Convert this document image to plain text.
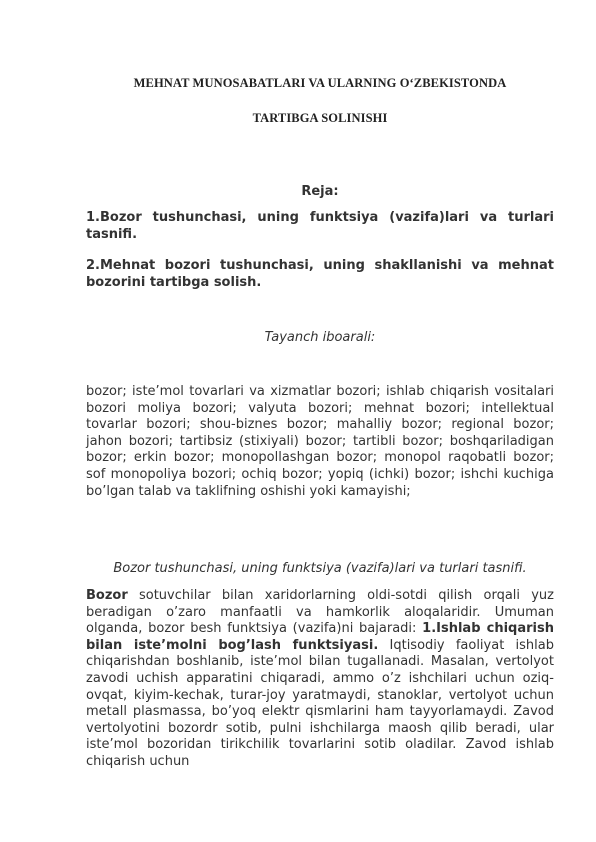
MEHNAT MUNOSABATLARI VA ULARNING O‘ZBEKISTONDA
TARTIBGA SOLINISHI
Reja:
1.Bozor tushunchasi, uning funktsiya (vazifa)lari va turlari tasnifi.
2.Mehnat bozori tushunchasi, uning shakllanishi va mehnat bozorini tartibga solish.
Tayanch iboarali:
bozor; iste’mol tovarlari va xizmatlar bozori; ishlab chiqarish vositalari bozori moliya bozori; valyuta bozori; mehnat bozori; intellektual tovarlar bozori; shou-biznes bozor; mahalliy bozor; regional bozor; jahon bozori; tartibsiz (stixiyali) bozor; tartibli bozor; boshqariladigan bozor; erkin bozor; monopollashgan bozor; monopol raqobatli bozor; sof monopoliya bozori; ochiq bozor; yopiq (ichki) bozor; ishchi kuchiga bo’lgan talab va taklifning oshishi yoki kamayishi;
Bozor tushunchasi, uning funktsiya (vazifa)lari va turlari tasnifi.
Bozor sotuvchilar bilan xaridorlarning oldi-sotdi qilish orqali yuz beradigan o’zaro manfaatli va hamkorlik aloqalaridir. Umuman olganda, bozor besh funktsiya (vazifa)ni bajaradi: 1.Ishlab chiqarish bilan iste’molni bog’lash funktsiyasi. Iqtisodiy faoliyat ishlab chiqarishdan boshlanib, iste’mol bilan tugallanadi. Masalan, vertolyot zavodi uchish apparatini chiqaradi, ammo o’z ishchilari uchun oziq-ovqat, kiyim-kechak, turar-joy yaratmaydi, stanoklar, vertolyot uchun metall plasmassa, bo’yoq elektr qismlarini ham tayyorlamaydi. Zavod vertolyotini bozordr sotib, pulni ishchilarga maosh qilib beradi, ular iste’mol bozoridan tirikchilik tovarlarini sotib oladilar. Zavod ishlab chiqarish uchun
